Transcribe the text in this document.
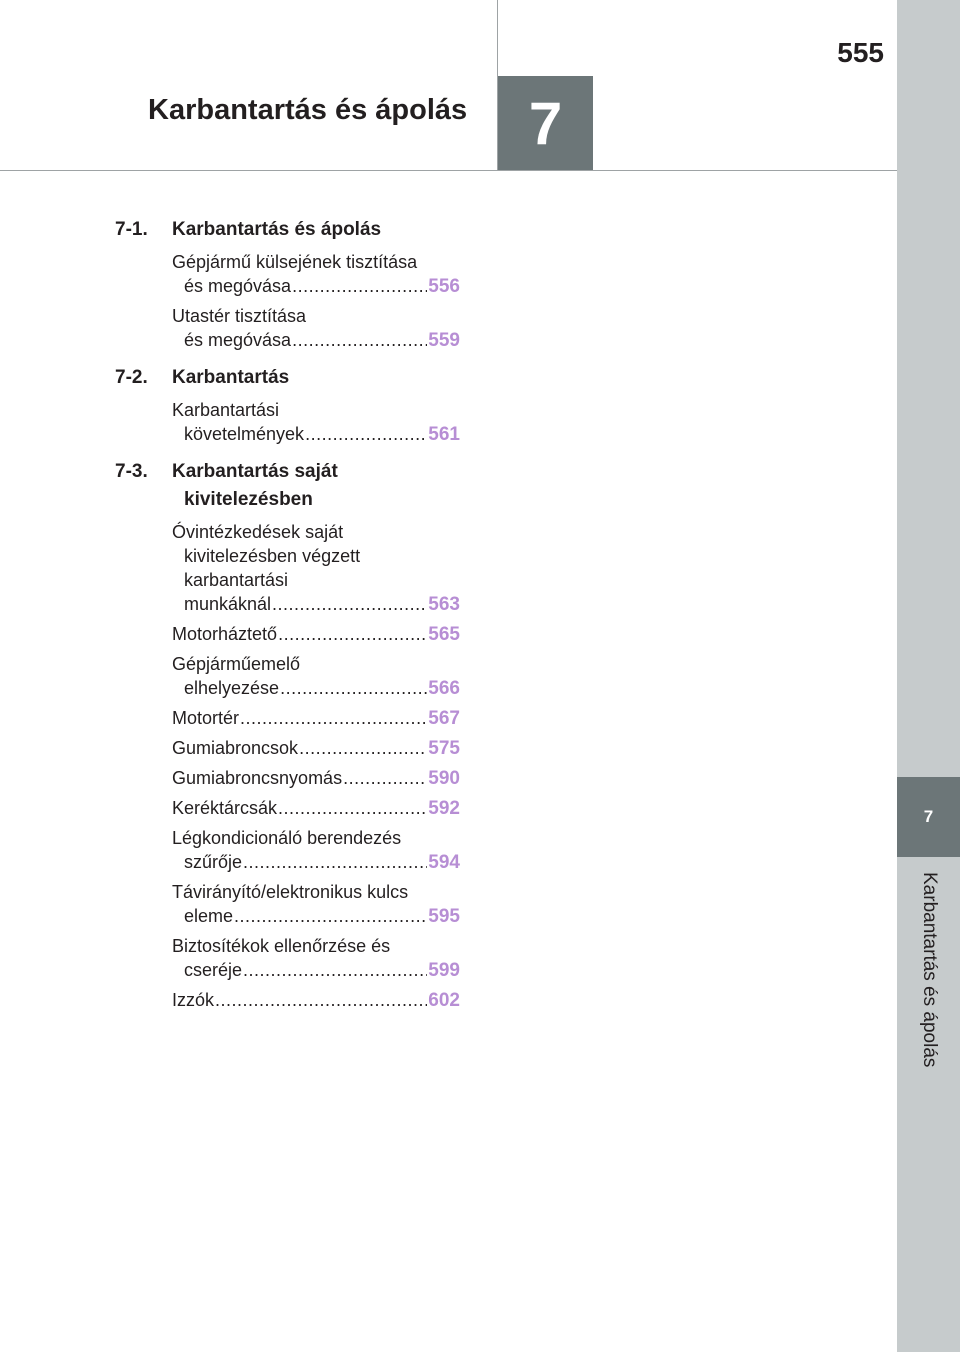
555
Karbantartás és ápolás	7
7
Karbantartás és ápolás
7-1.	Karbantartás és ápolás
Gépjármű külsejének tisztítása
és megóvása .....	556
Utastér tisztítása
és megóvása .....	559
7-2.	Karbantartás
Karbantartási
követelmények .....	561
7-3.	Karbantartás saját
kivitelezésben
Óvintézkedések saját
kivitelezésben végzett
karbantartási
munkáknál .....	563
Motorháztető .....	565
Gépjárműemelő
elhelyezése .....	566
Motortér .....	567
Gumiabroncsok .....	575
Gumiabroncsnyomás .....	590
Keréktárcsák .....	592
Légkondicionáló berendezés
szűrője .....	594
Távirányító/elektronikus kulcs
eleme .....	595
Biztosítékok ellenőrzése és
cseréje .....	599
Izzók .....	602
